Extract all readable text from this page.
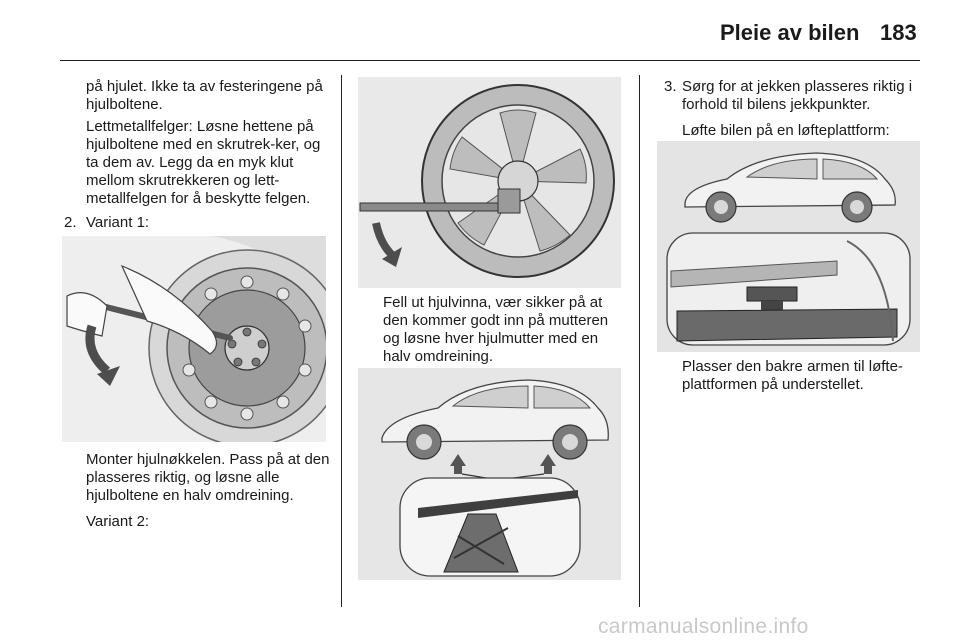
Pleie av bilen 183

på hjulet. Ikke ta av festeringene på hjulboltene.

Lettmetallfelger: Løsne hettene på hjulboltene med en skrutrek-ker, og ta dem av. Legg da en myk klut mellom skrutrekkeren og lett-metallfelgen for å beskytte felgen.

2. Variant 1:

Monter hjulnøkkelen. Pass på at den plasseres riktig, og løsne alle hjulboltene en halv omdreining.

Variant 2:

Fell ut hjulvinna, vær sikker på at den kommer godt inn på mutteren og løsne hver hjulmutter med en halv omdreining.

3. Sørg for at jekken plasseres riktig i forhold til bilens jekkpunkter.

Løfte bilen på en løfteplattform:

Plasser den bakre armen til løfte-plattformen på understellet.

carmanualsonline.info
